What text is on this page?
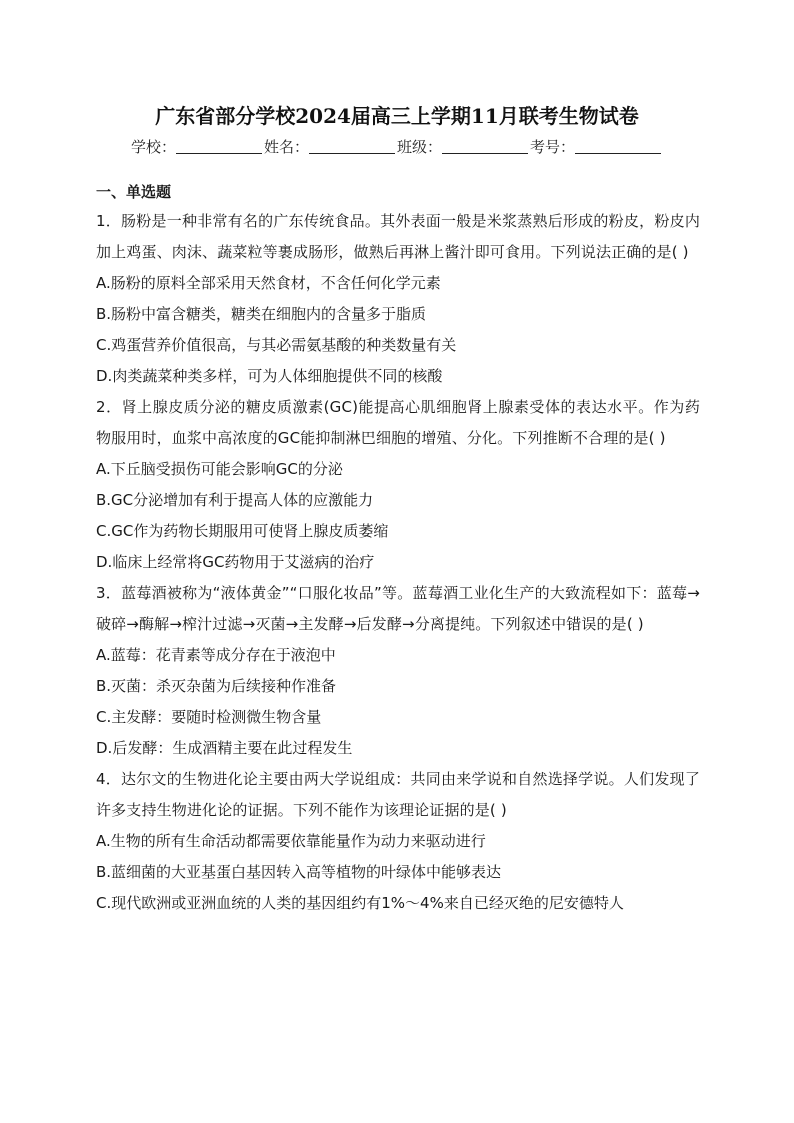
广东省部分学校2024届高三上学期11月联考生物试卷
学校：	姓名：	班级：	考号：
一、单选题
1．肠粉是一种非常有名的广东传统食品。其外表面一般是米浆蒸熟后形成的粉皮，粉皮内加上鸡蛋、肉沫、蔬菜粒等裹成肠形，做熟后再淋上酱汁即可食用。下列说法正确的是( )
A.肠粉的原料全部采用天然食材，不含任何化学元素
B.肠粉中富含糖类，糖类在细胞内的含量多于脂质
C.鸡蛋营养价值很高，与其必需氨基酸的种类数量有关
D.肉类蔬菜种类多样，可为人体细胞提供不同的核酸
2．肾上腺皮质分泌的糖皮质激素(GC)能提高心肌细胞肾上腺素受体的表达水平。作为药物服用时，血浆中高浓度的GC能抑制淋巴细胞的增殖、分化。下列推断不合理的是( )
A.下丘脑受损伤可能会影响GC的分泌
B.GC分泌增加有利于提高人体的应激能力
C.GC作为药物长期服用可使肾上腺皮质萎缩
D.临床上经常将GC药物用于艾滋病的治疗
3．蓝莓酒被称为“液体黄金”“口服化妆品”等。蓝莓酒工业化生产的大致流程如下：蓝莓→破碎→酶解→榨汁过滤→灭菌→主发酵→后发酵→分离提纯。下列叙述中错误的是( )
A.蓝莓：花青素等成分存在于液泡中
B.灭菌：杀灭杂菌为后续接种作准备
C.主发酵：要随时检测微生物含量
D.后发酵：生成酒精主要在此过程发生
4．达尔文的生物进化论主要由两大学说组成：共同由来学说和自然选择学说。人们发现了许多支持生物进化论的证据。下列不能作为该理论证据的是( )
A.生物的所有生命活动都需要依靠能量作为动力来驱动进行
B.蓝细菌的大亚基蛋白基因转入高等植物的叶绿体中能够表达
C.现代欧洲或亚洲血统的人类的基因组约有1%～4%来自已经灭绝的尼安德特人
